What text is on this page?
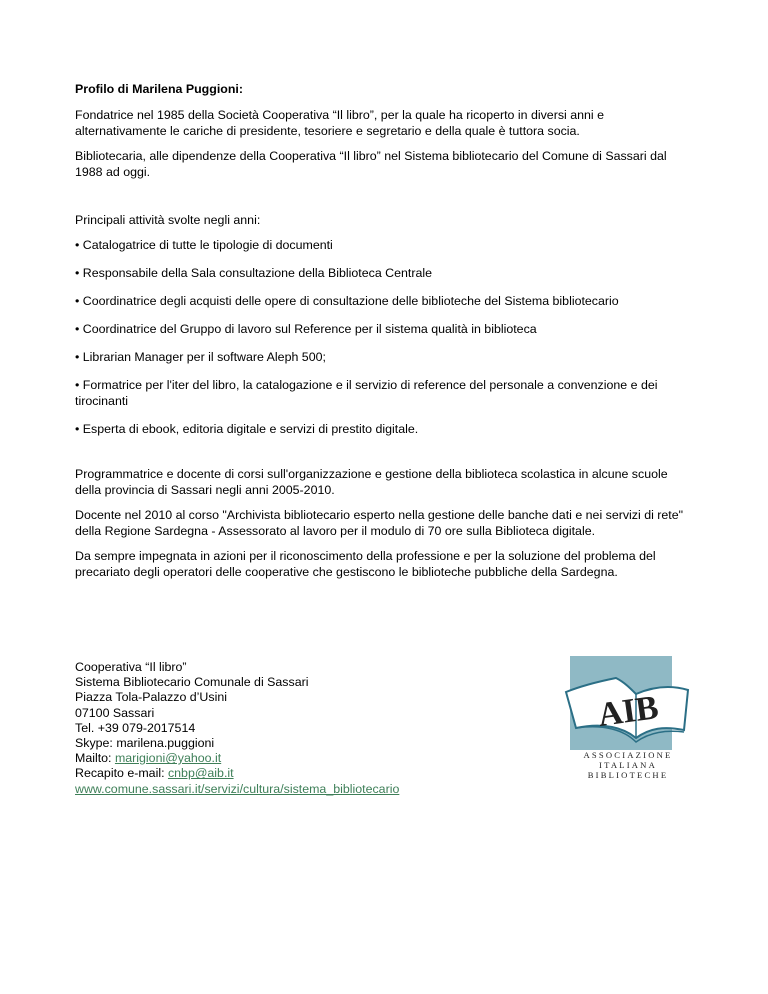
Profilo di Marilena Puggioni:

Fondatrice nel 1985 della Società Cooperativa “Il libro”, per la quale ha ricoperto in diversi anni e alternativamente le cariche di presidente, tesoriere e segretario e della quale è tuttora socia.

Bibliotecaria, alle dipendenze della Cooperativa “Il libro” nel Sistema bibliotecario del Comune di Sassari dal 1988 ad oggi.

Principali attività svolte negli anni:

• Catalogatrice di tutte le tipologie di documenti
• Responsabile della Sala consultazione della Biblioteca Centrale
• Coordinatrice degli acquisti delle opere di consultazione delle biblioteche del Sistema bibliotecario
• Coordinatrice del Gruppo di lavoro sul Reference per il sistema qualità in biblioteca
• Librarian Manager per il software Aleph 500;
• Formatrice per l'iter del libro, la catalogazione e il servizio di reference del personale a convenzione e dei tirocinanti
• Esperta di ebook, editoria digitale e servizi di prestito digitale.

Programmatrice e docente di corsi sull'organizzazione e gestione della biblioteca scolastica in alcune scuole della provincia di Sassari negli anni 2005-2010.

Docente nel 2010 al corso "Archivista bibliotecario esperto nella gestione delle banche dati e nei servizi di rete" della Regione Sardegna - Assessorato al lavoro per il modulo di 70 ore sulla Biblioteca digitale.

Da sempre impegnata in azioni per il riconoscimento della professione e per la soluzione del problema del precariato degli operatori delle cooperative che gestiscono le biblioteche pubbliche della Sardegna.

Cooperativa “Il libro”
Sistema Bibliotecario Comunale di Sassari
Piazza Tola-Palazzo d’Usini
07100 Sassari
Tel. +39 079-2017514
Skype: marilena.puggioni
Mailto: marigioni@yahoo.it
Recapito e-mail: cnbp@aib.it
www.comune.sassari.it/servizi/cultura/sistema_bibliotecario
AIB
ASSOCIAZIONE
ITALIANA
BIBLIOTECHE
